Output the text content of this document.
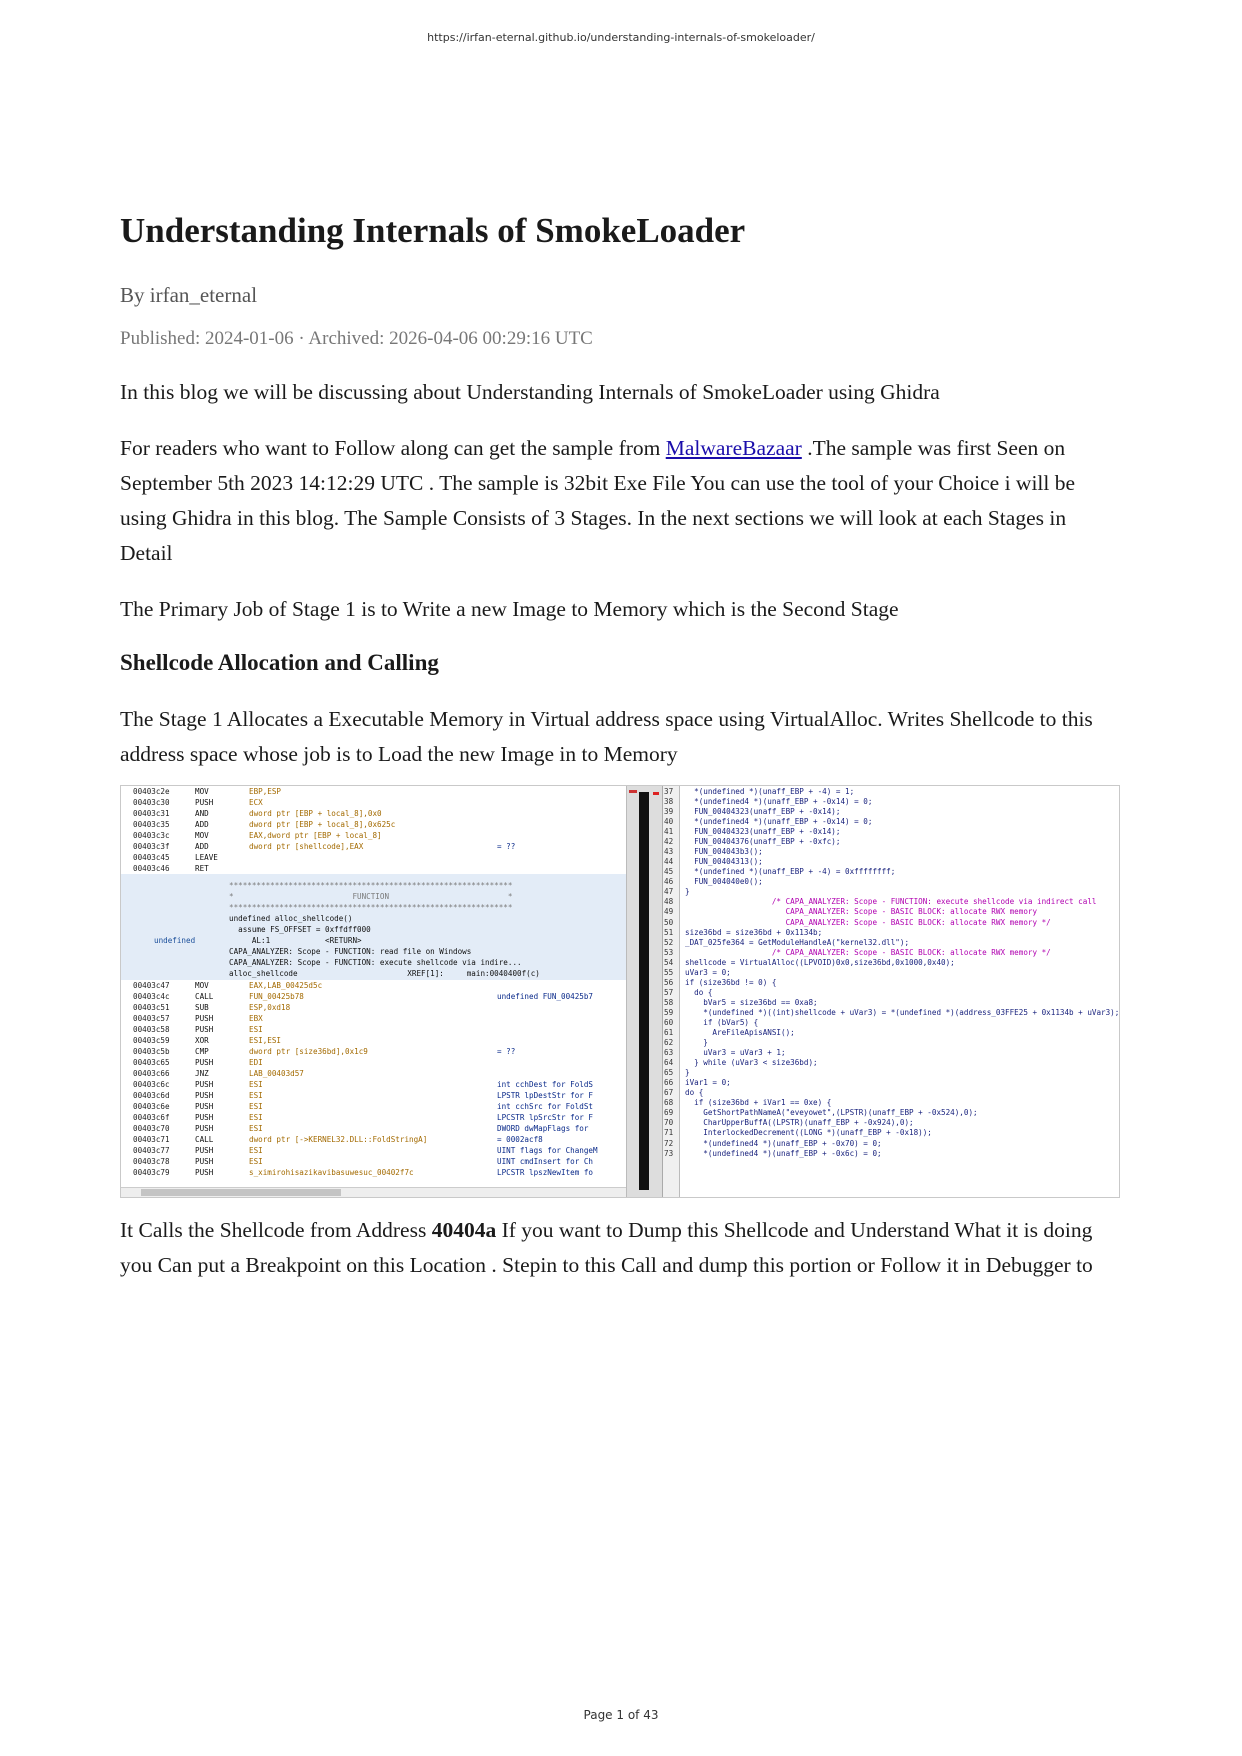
https://irfan-eternal.github.io/understanding-internals-of-smokeloader/
Understanding Internals of SmokeLoader
By irfan_eternal
Published: 2024-01-06 · Archived: 2026-04-06 00:29:16 UTC

In this blog we will be discussing about Understanding Internals of SmokeLoader using Ghidra

For readers who want to Follow along can get the sample from MalwareBazaar .The sample was first Seen on September 5th 2023 14:12:29 UTC . The sample is 32bit Exe File You can use the tool of your Choice i will be using Ghidra in this blog. The Sample Consists of 3 Stages. In the next sections we will look at each Stages in Detail

The Primary Job of Stage 1 is to Write a new Image to Memory which is the Second Stage

Shellcode Allocation and Calling

The Stage 1 Allocates a Executable Memory in Virtual address space using VirtualAlloc. Writes Shellcode to this address space whose job is to Load the new Image in to Memory

00403c2e	MOV	EBP,ESP
00403c30	PUSH	ECX
00403c31	AND	dword ptr [EBP + local_8],0x0
00403c35	ADD	dword ptr [EBP + local_8],0x625c
00403c3c	MOV	EAX,dword ptr [EBP + local_8]
00403c3f	ADD	dword ptr [shellcode],EAX	= ??
00403c45	LEAVE
00403c46	RET
**************************************************************
*                          FUNCTION                          *
**************************************************************
undefined alloc_shellcode()
assume FS_OFFSET = 0xffdff000
undefined	AL:1            <RETURN>
CAPA_ANALYZER: Scope - FUNCTION: read file on Windows
CAPA_ANALYZER: Scope - FUNCTION: execute shellcode via indire...
alloc_shellcode                        XREF[1]:     main:0040400f(c)
00403c47	MOV	EAX,LAB_00425d5c
00403c4c	CALL	FUN_00425b78	undefined FUN_00425b7
00403c51	SUB	ESP,0xd18
00403c57	PUSH	EBX
00403c58	PUSH	ESI
00403c59	XOR	ESI,ESI
00403c5b	CMP	dword ptr [size36bd],0x1c9	= ??
00403c65	PUSH	EDI
00403c66	JNZ	LAB_00403d57
00403c6c	PUSH	ESI	int cchDest for FoldS
00403c6d	PUSH	ESI	LPSTR lpDestStr for F
00403c6e	PUSH	ESI	int cchSrc for FoldSt
00403c6f	PUSH	ESI	LPCSTR lpSrcStr for F
00403c70	PUSH	ESI	DWORD dwMapFlags for
00403c71	CALL	dword ptr [->KERNEL32.DLL::FoldStringA]	= 0002acf8
00403c77	PUSH	ESI	UINT flags for ChangeM
00403c78	PUSH	ESI	UINT cmdInsert for Ch
00403c79	PUSH	s_ximirohisazikavibasuwesuc_00402f7c	LPCSTR lpszNewItem fo
37 *(undefined *)(unaff_EBP + -4) = 1;
38 *(undefined4 *)(unaff_EBP + -0x14) = 0;
39 FUN_00404323(unaff_EBP + -0x14);
40 *(undefined4 *)(unaff_EBP + -0x14) = 0;
41 FUN_00404323(unaff_EBP + -0x14);
42 FUN_00404376(unaff_EBP + -0xfc);
43 FUN_004043b3();
44 FUN_00404313();
45 *(undefined *)(unaff_EBP + -4) = 0xffffffff;
46 FUN_004040e0();
47 }
48 /* CAPA_ANALYZER: Scope - FUNCTION: execute shellcode via indirect call
49 CAPA_ANALYZER: Scope - BASIC BLOCK: allocate RWX memory
50 CAPA_ANALYZER: Scope - BASIC BLOCK: allocate RWX memory */
51 size36bd = size36bd + 0x1134b;
52 _DAT_025fe364 = GetModuleHandleA("kernel32.dll");
53 /* CAPA_ANALYZER: Scope - BASIC BLOCK: allocate RWX memory */
54 shellcode = VirtualAlloc((LPVOID)0x0,size36bd,0x1000,0x40);
55 uVar3 = 0;
56 if (size36bd != 0) {
57 do {
58 bVar5 = size36bd == 0xa8;
59 *(undefined *)((int)shellcode + uVar3) = *(undefined *)(address_03FFE25 + 0x1134b + uVar3);
60 if (bVar5) {
61 AreFileApisANSI();
62 }
63 uVar3 = uVar3 + 1;
64 } while (uVar3 < size36bd);
65 }
66 iVar1 = 0;
67 do {
68 if (size36bd + iVar1 == 0xe) {
69 GetShortPathNameA("eveyowet",(LPSTR)(unaff_EBP + -0x524),0);
70 CharUpperBuffA((LPSTR)(unaff_EBP + -0x924),0);
71 InterlockedDecrement((LONG *)(unaff_EBP + -0x18));
72 *(undefined4 *)(unaff_EBP + -0x70) = 0;
73 *(undefined4 *)(unaff_EBP + -0x6c) = 0;

It Calls the Shellcode from Address 40404a If you want to Dump this Shellcode and Understand What it is doing you Can put a Breakpoint on this Location . Stepin to this Call and dump this portion or Follow it in Debugger to

Page 1 of 43
